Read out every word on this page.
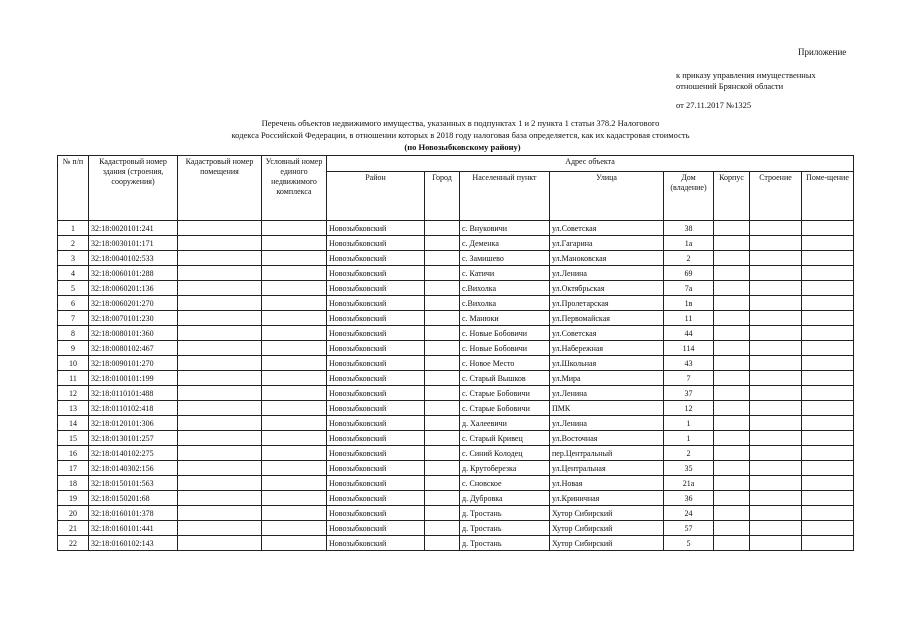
Приложение
к приказу управления имущественных
отношений Брянской области
от 27.11.2017 №1325
Перечень объектов недвижимого имущества, указанных в подпунктах 1 и 2 пункта 1 статьи 378.2 Налогового
кодекса Российской Федерации, в отношении которых в 2018 году налоговая база определяется, как их кадастровая стоимость
(по Новозыбковскому району)
№ п/п	Кадастровый номер здания (строения, сооружения)	Кадастровый номер помещения	Условный номер единого недвижимого комплекса	Адрес объекта							
				Район	Город	Населенный пункт	Улица	Дом (владение)	Корпус	Строение	Поме-щение
1	32:18:0020101:241			Новозыбковский		с. Внуковичи	ул.Советская	38			
2	32:18:0030101:171			Новозыбковский		с. Деменка	ул.Гагарина	1а			
3	32:18:0040102:533			Новозыбковский		с. Замишево	ул.Маноковская	2			
4	32:18:0060101:288			Новозыбковский		с. Катичи	ул.Ленина	69			
5	32:18:0060201:136			Новозыбковский		с.Вихолка	ул.Октябрьская	7а			
6	32:18:0060201:270			Новозыбковский		с.Вихолка	ул.Пролетарская	1в			
7	32:18:0070101:230			Новозыбковский		с. Манюки	ул.Первомайская	11			
8	32:18:0080101:360			Новозыбковский		с. Новые Бобовичи	ул.Советская	44			
9	32:18:0080102:467			Новозыбковский		с. Новые Бобовичи	ул.Набережная	114			
10	32:18:0090101:270			Новозыбковский		с. Новое Место	ул.Школьная	43			
11	32:18:0100101:199			Новозыбковский		с. Старый Вышков	ул.Мира	7			
12	32:18:0110101:488			Новозыбковский		с. Старые Бобовичи	ул.Ленина	37			
13	32:18:0110102:418			Новозыбковский		с. Старые Бобовичи	ПМК	12			
14	32:18:0120101:306			Новозыбковский		д. Халеевичи	ул.Ленина	1			
15	32:18:0130101:257			Новозыбковский		с. Старый Кривец	ул.Восточная	1			
16	32:18:0140102:275			Новозыбковский		с. Синий Колодец	пер.Центральный	2			
17	32:18:0140302:156			Новозыбковский		д. Крутоберезка	ул.Центральная	35			
18	32:18:0150101:563			Новозыбковский		с. Сновское	ул.Новая	21а			
19	32:18:0150201:68			Новозыбковский		д. Дубровка	ул.Криничная	36			
20	32:18:0160101:378			Новозыбковский		д. Тростань	Хутор Сибирский	24			
21	32:18:0160101:441			Новозыбковский		д. Тростань	Хутор Сибирский	57			
22	32:18:0160102:143			Новозыбковский		д. Тростань	Хутор Сибирский	5			
